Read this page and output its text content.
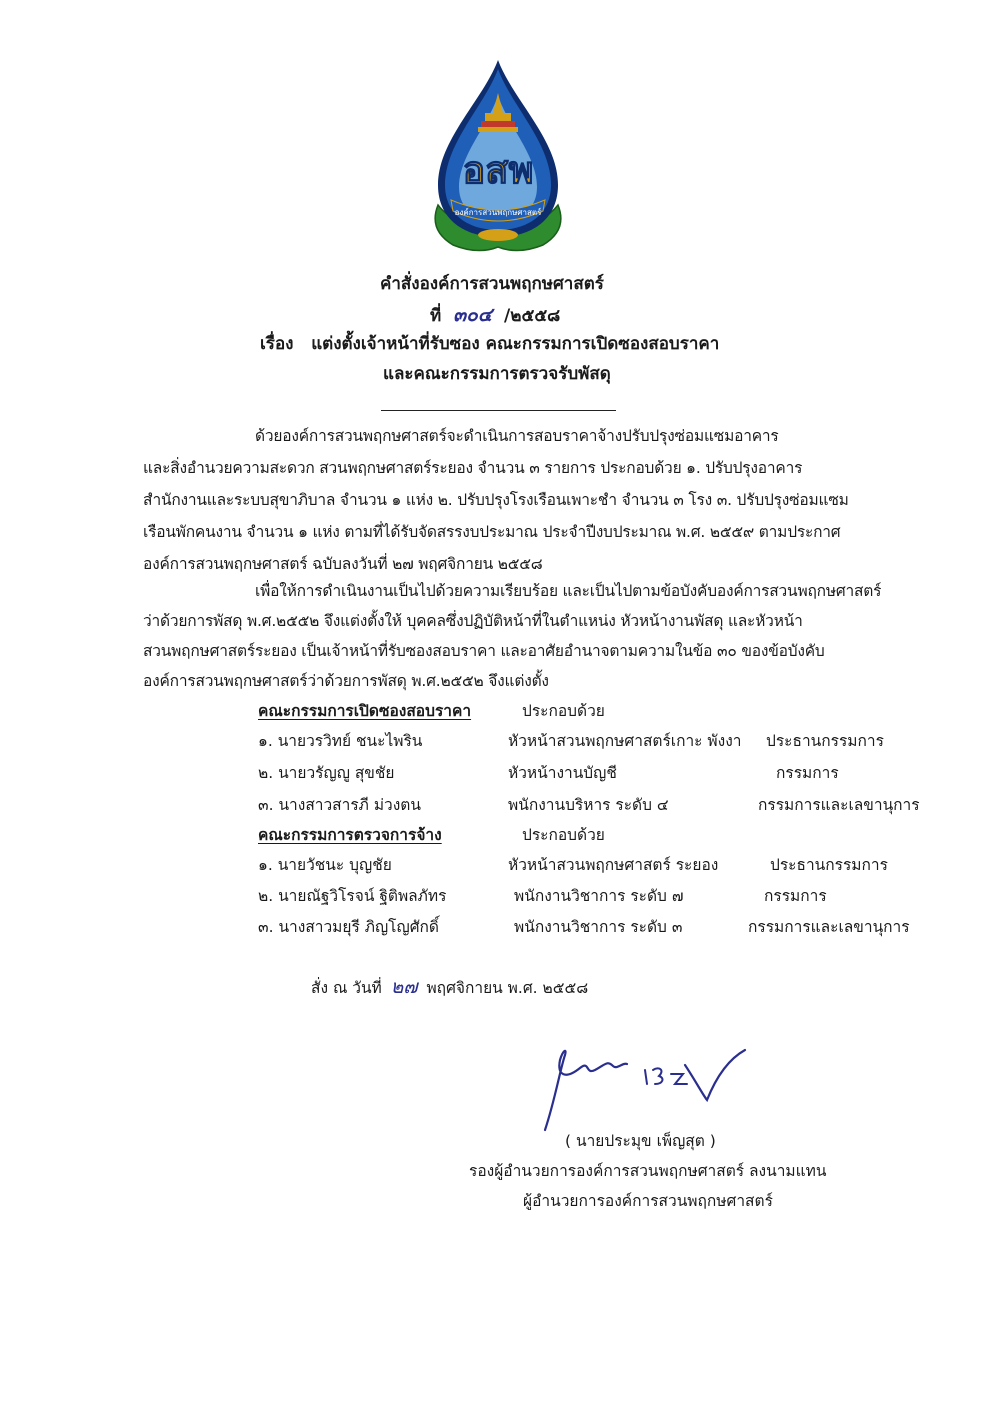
อสพ
องค์การสวนพฤกษศาสตร์
คำสั่งองค์การสวนพฤกษศาสตร์
ที่ ๓๐๔ /๒๕๕๘
เรื่อง แต่งตั้งเจ้าหน้าที่รับซอง คณะกรรมการเปิดซองสอบราคา
และคณะกรรมการตรวจรับพัสดุ
ด้วยองค์การสวนพฤกษศาสตร์จะดำเนินการสอบราคาจ้างปรับปรุงซ่อมแซมอาคาร
และสิ่งอำนวยความสะดวก สวนพฤกษศาสตร์ระยอง จำนวน ๓ รายการ ประกอบด้วย ๑. ปรับปรุงอาคาร
สำนักงานและระบบสุขาภิบาล จำนวน ๑ แห่ง ๒. ปรับปรุงโรงเรือนเพาะชำ จำนวน ๓ โรง ๓. ปรับปรุงซ่อมแซม
เรือนพักคนงาน จำนวน ๑ แห่ง ตามที่ได้รับจัดสรรงบประมาณ ประจำปีงบประมาณ พ.ศ. ๒๕๕๙ ตามประกาศ
องค์การสวนพฤกษศาสตร์ ฉบับลงวันที่ ๒๗ พฤศจิกายน ๒๕๕๘
เพื่อให้การดำเนินงานเป็นไปด้วยความเรียบร้อย และเป็นไปตามข้อบังคับองค์การสวนพฤกษศาสตร์
ว่าด้วยการพัสดุ พ.ศ.๒๕๕๒ จึงแต่งตั้งให้ บุคคลซึ่งปฏิบัติหน้าที่ในตำแหน่ง หัวหน้างานพัสดุ และหัวหน้า
สวนพฤกษศาสตร์ระยอง เป็นเจ้าหน้าที่รับซองสอบราคา และอาศัยอำนาจตามความในข้อ ๓๐ ของข้อบังคับ
องค์การสวนพฤกษศาสตร์ว่าด้วยการพัสดุ พ.ศ.๒๕๕๒ จึงแต่งตั้ง
คณะกรรมการเปิดซองสอบราคา	ประกอบด้วย
๑. นายวรวิทย์ ชนะไพริน	หัวหน้าสวนพฤกษศาสตร์เกาะ พังงา ประธานกรรมการ
๒. นายวรัญญู สุขชัย	หัวหน้างานบัญชี	กรรมการ
๓. นางสาวสารภี ม่วงตน	พนักงานบริหาร ระดับ ๔	กรรมการและเลขานุการ
คณะกรรมการตรวจการจ้าง	ประกอบด้วย
๑. นายวัชนะ บุญชัย	หัวหน้าสวนพฤกษศาสตร์ ระยอง	ประธานกรรมการ
๒. นายณัฐวิโรจน์ ฐิติพลภัทร	พนักงานวิชาการ ระดับ ๗	กรรมการ
๓. นางสาวมยุรี ภิญโญศักดิ์	พนักงานวิชาการ ระดับ ๓	กรรมการและเลขานุการ
สั่ง ณ วันที่ ๒๗ พฤศจิกายน พ.ศ. ๒๕๕๘
( นายประมุข เพ็ญสุต )
รองผู้อำนวยการองค์การสวนพฤกษศาสตร์ ลงนามแทน
ผู้อำนวยการองค์การสวนพฤกษศาสตร์
